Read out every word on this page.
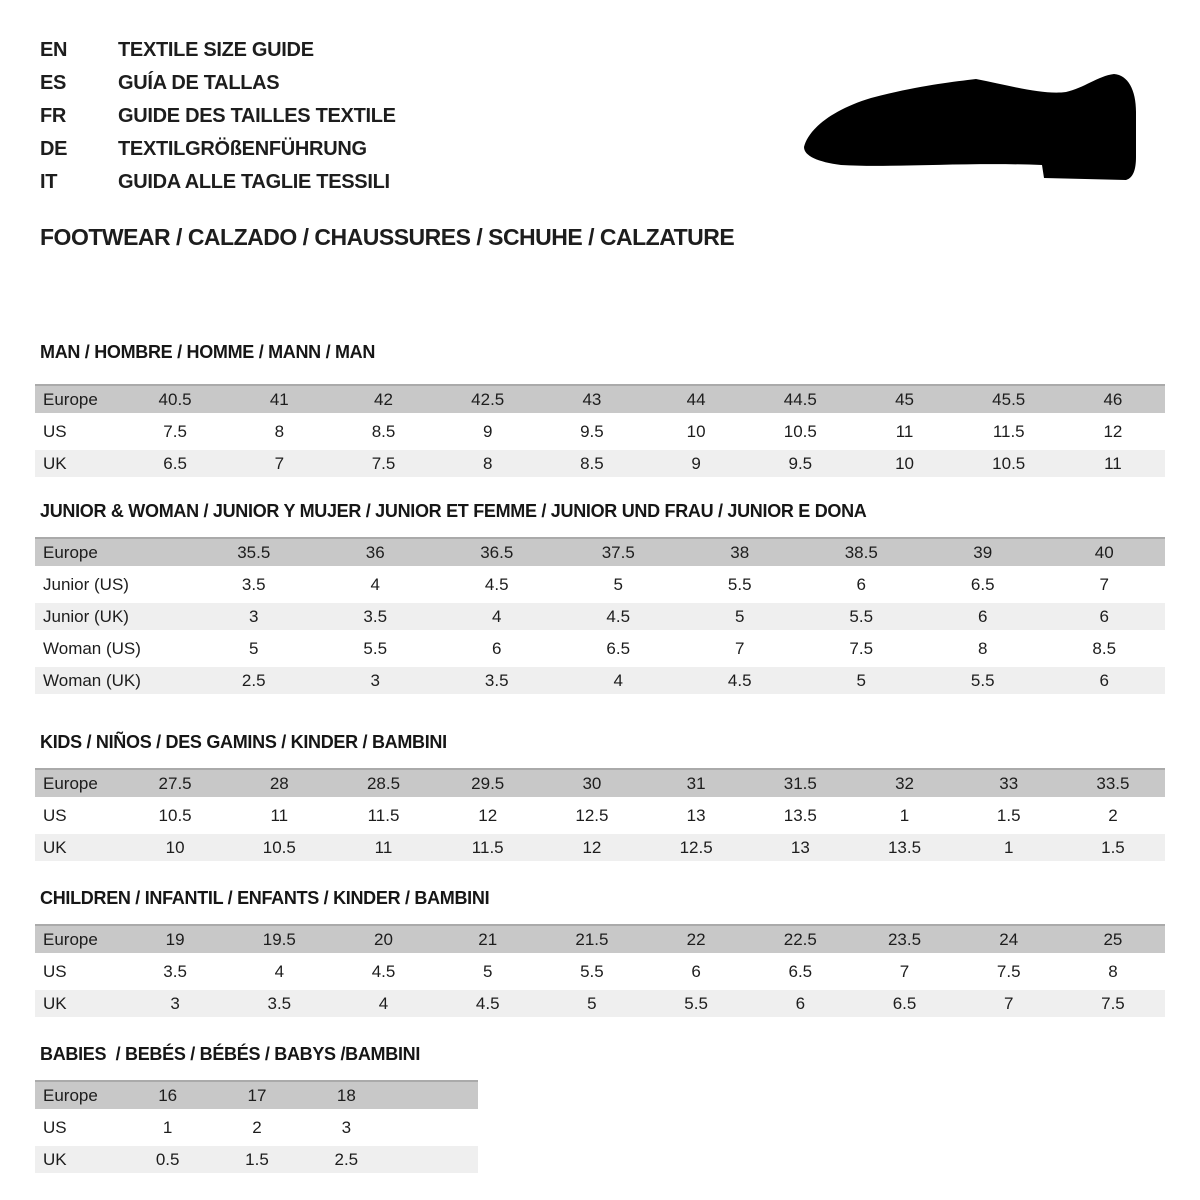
EN	TEXTILE SIZE GUIDE
ES	GUÍA DE TALLAS
FR	GUIDE DES TAILLES TEXTILE
DE	TEXTILGRÖßENFÜHRUNG
IT	GUIDA ALLE TAGLIE TESSILI
FOOTWEAR / CALZADO / CHAUSSURES / SCHUHE / CALZATURE
MAN / HOMBRE / HOMME / MANN / MAN
JUNIOR & WOMAN / JUNIOR Y MUJER / JUNIOR ET FEMME / JUNIOR UND FRAU / JUNIOR E DONA
KIDS / NIÑOS / DES GAMINS / KINDER / BAMBINI
CHILDREN / INFANTIL / ENFANTS / KINDER / BAMBINI
BABIES  / BEBÉS / BÉBÉS / BABYS /BAMBINI
Europe	40.5	41	42	42.5	43	44	44.5	45	45.5	46
US	7.5	8	8.5	9	9.5	10	10.5	11	11.5	12
UK	6.5	7	7.5	8	8.5	9	9.5	10	10.5	11
Europe	35.5	36	36.5	37.5	38	38.5	39	40
Junior (US)	3.5	4	4.5	5	5.5	6	6.5	7
Junior (UK)	3	3.5	4	4.5	5	5.5	6	6
Woman (US)	5	5.5	6	6.5	7	7.5	8	8.5
Woman (UK)	2.5	3	3.5	4	4.5	5	5.5	6
Europe	27.5	28	28.5	29.5	30	31	31.5	32	33	33.5
US	10.5	11	11.5	12	12.5	13	13.5	1	1.5	2
UK	10	10.5	11	11.5	12	12.5	13	13.5	1	1.5
Europe	19	19.5	20	21	21.5	22	22.5	23.5	24	25
US	3.5	4	4.5	5	5.5	6	6.5	7	7.5	8
UK	3	3.5	4	4.5	5	5.5	6	6.5	7	7.5
Europe	16	17	18
US	1	2	3
UK	0.5	1.5	2.5
